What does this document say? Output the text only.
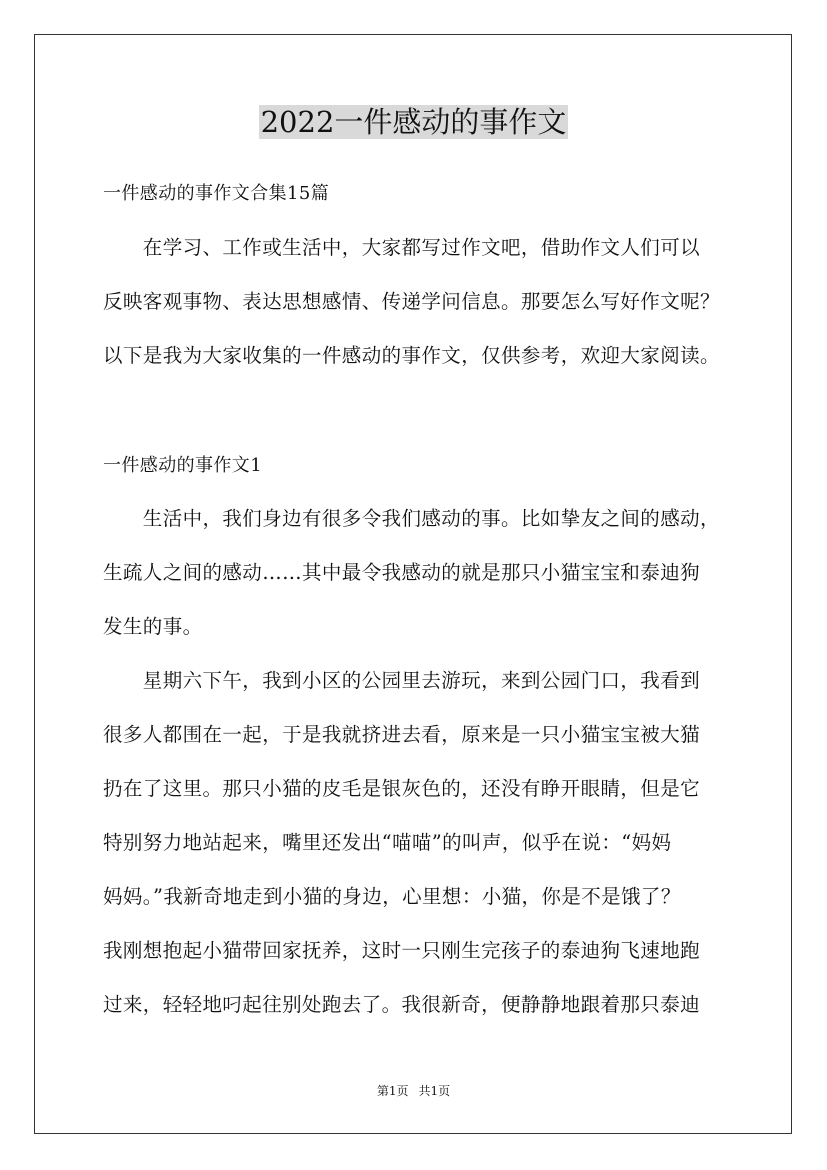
2022一件感动的事作文
一件感动的事作文合集15篇
　　在学习、工作或生活中，大家都写过作文吧，借助作文人们可以
反映客观事物、表达思想感情、传递学问信息。那要怎么写好作文呢？
以下是我为大家收集的一件感动的事作文，仅供参考，欢迎大家阅读。
一件感动的事作文1
　　生活中，我们身边有很多令我们感动的事。比如挚友之间的感动，
生疏人之间的感动……其中最令我感动的就是那只小猫宝宝和泰迪狗
发生的事。
　　星期六下午，我到小区的公园里去游玩，来到公园门口，我看到
很多人都围在一起，于是我就挤进去看，原来是一只小猫宝宝被大猫
扔在了这里。那只小猫的皮毛是银灰色的，还没有睁开眼睛，但是它
特别努力地站起来，嘴里还发出“喵喵”的叫声，似乎在说：“妈妈
妈妈。”我新奇地走到小猫的身边，心里想：小猫，你是不是饿了？
我刚想抱起小猫带回家抚养，这时一只刚生完孩子的泰迪狗飞速地跑
过来，轻轻地叼起往别处跑去了。我很新奇，便静静地跟着那只泰迪
第1页 共1页
